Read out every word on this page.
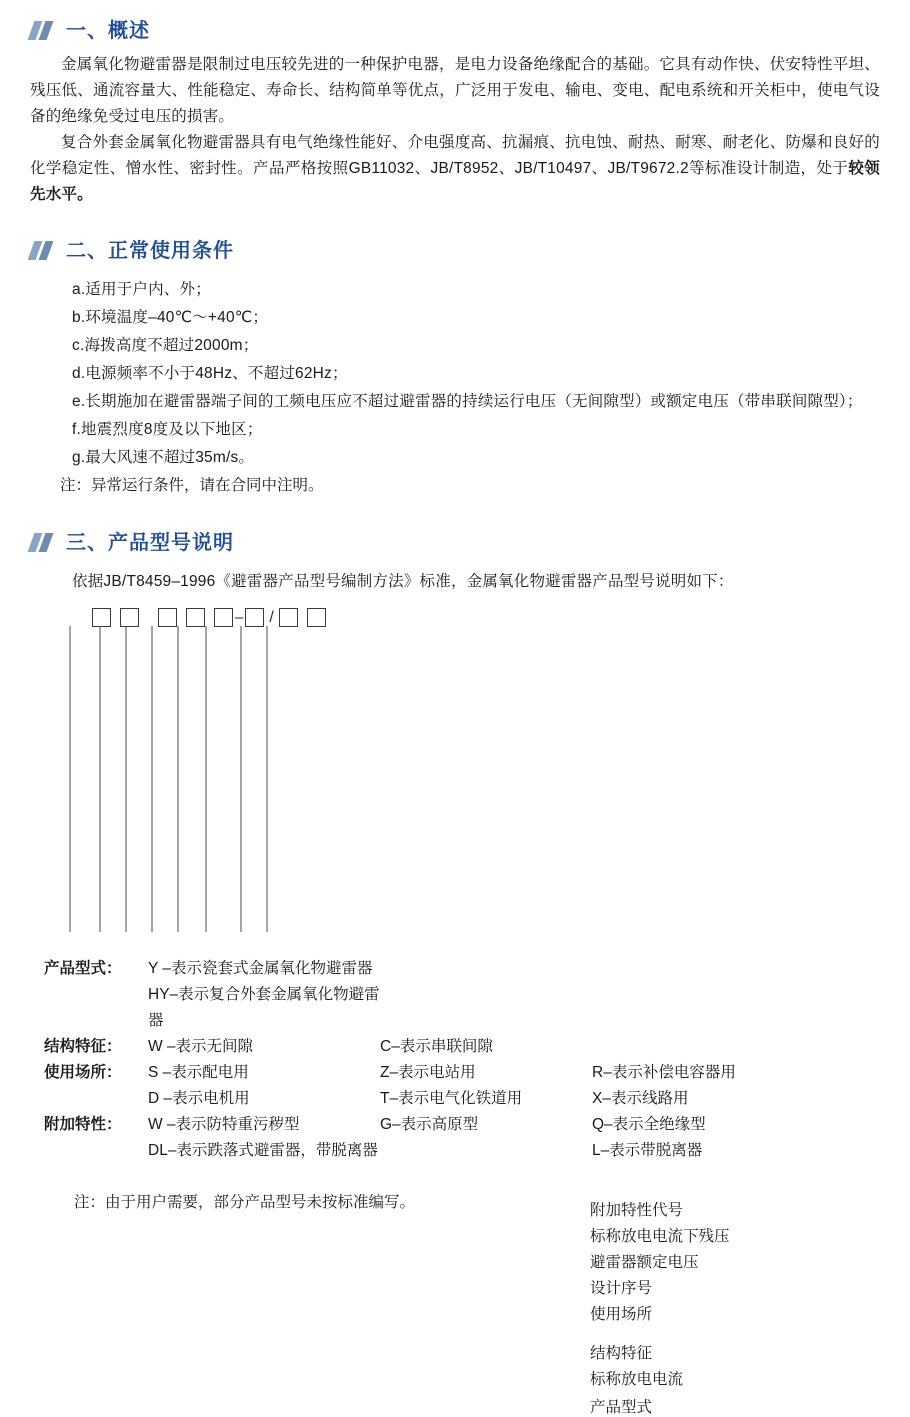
一、概述

金属氧化物避雷器是限制过电压较先进的一种保护电器，是电力设备绝缘配合的基础。它具有动作快、伏安特性平坦、残压低、通流容量大、性能稳定、寿命长、结构简单等优点，广泛用于发电、输电、变电、配电系统和开关柜中，使电气设备的绝缘免受过电压的损害。

复合外套金属氧化物避雷器具有电气绝缘性能好、介电强度高、抗漏痕、抗电蚀、耐热、耐寒、耐老化、防爆和良好的化学稳定性、憎水性、密封性。产品严格按照GB11032、JB/T8952、JB/T10497、JB/T9672.2等标准设计制造，处于较领先水平。

二、正常使用条件
a.适用于户内、外；
b.环境温度–40℃～+40℃；
c.海拨高度不超过2000m；
d.电源频率不小于48Hz、不超过62Hz；
e.长期施加在避雷器端子间的工频电压应不超过避雷器的持续运行电压（无间隙型）或额定电压（带串联间隙型）；
f.地震烈度8度及以下地区；
g.最大风速不超过35m/s。
注：异常运行条件，请在合同中注明。
三、产品型号说明
依据JB/T8459–1996《避雷器产品型号编制方法》标准，金属氧化物避雷器产品型号说明如下：
–	/
附加特性代号
标称放电电流下残压
避雷器额定电压
设计序号
使用场所
结构特征
标称放电电流
产品型式
产品型式：	Y –表示瓷套式金属氧化物避雷器
HY–表示复合外套金属氧化物避雷器
结构特征：	W –表示无间隙	C–表示串联间隙
使用场所：	S –表示配电用	Z–表示电站用	R–表示补偿电容器用
D –表示电机用	T–表示电气化铁道用	X–表示线路用
附加特性：	W –表示防特重污秽型	G–表示高原型	Q–表示全绝缘型
DL–表示跌落式避雷器，带脱离器	L–表示带脱离器
注：由于用户需要，部分产品型号未按标准编写。
